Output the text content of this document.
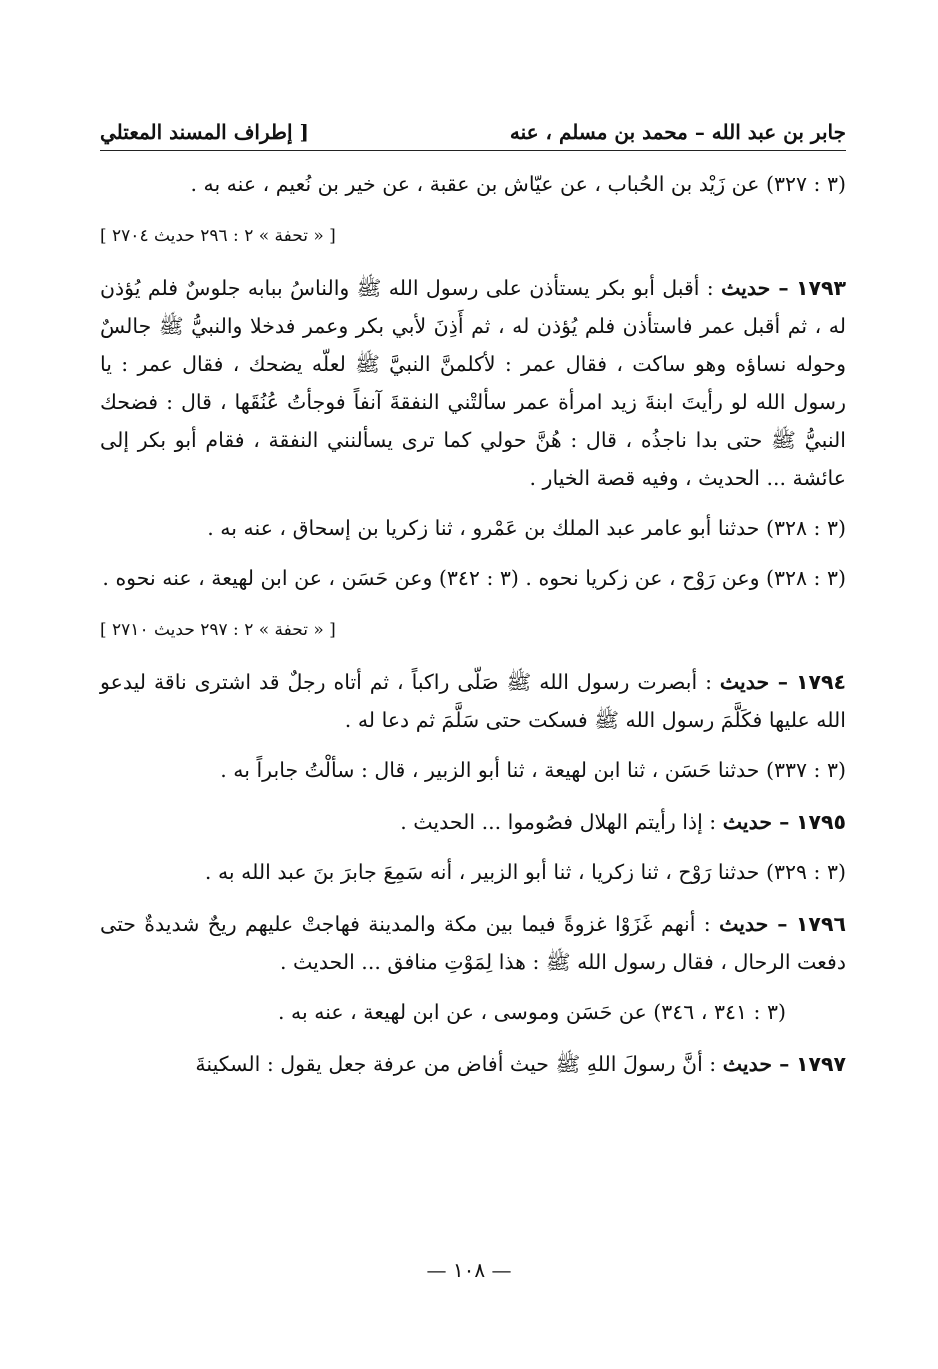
جابر بن عبد الله – محمد بن مسلم ، عنه
[ إطراف المسند المعتلي

(٣ : ٣٢٧) عن زَيْد بن الحُباب ، عن عيّاش بن عقبة ، عن خير بن نُعيم ، عنه به .

[ « تحفة » ٢ : ٢٩٦ حديث ٢٧٠٤ ]

١٧٩٣ – حديث : أقبل أبو بكر يستأذن على رسول الله ﷺ والناسُ ببابه جلوسٌ فلم يُؤذن له ، ثم أقبل عمر فاستأذن فلم يُؤذن له ، ثم أَذِنَ لأبي بكر وعمر فدخلا والنبيُّ ﷺ جالسٌ وحوله نساؤه وهو ساكت ، فقال عمر : لأكلمنَّ النبيَّ ﷺ لعلّه يضحك ، فقال عمر : يا رسول الله لو رأيتَ ابنةَ زيد امرأة عمر سألتْني النفقةَ آنفاً فوجأتُ عُنُقَها ، قال : فضحك النبيُّ ﷺ حتى بدا ناجذُه ، قال : هُنَّ حولي كما ترى يسألنني النفقة ، فقام أبو بكر إلى عائشة ... الحديث ، وفيه قصة الخيار .

(٣ : ٣٢٨) حدثنا أبو عامر عبد الملك بن عَمْرو ، ثنا زكريا بن إسحاق ، عنه به .

(٣ : ٣٢٨) وعن رَوْح ، عن زكريا نحوه . (٣ : ٣٤٢) وعن حَسَن ، عن ابن لهيعة ، عنه نحوه .

[ « تحفة » ٢ : ٢٩٧ حديث ٢٧١٠ ]

١٧٩٤ – حديث : أبصرت رسول الله ﷺ صَلّى راكباً ، ثم أتاه رجلٌ قد اشترى ناقة ليدعو الله عليها فكَلَّمَ رسول الله ﷺ فسكت حتى سَلَّمَ ثم دعا له .

(٣ : ٣٣٧) حدثنا حَسَن ، ثنا ابن لهيعة ، ثنا أبو الزبير ، قال : سألْتُ جابراً به .

١٧٩٥ – حديث : إذا رأيتم الهلال فصُوموا ... الحديث .

(٣ : ٣٢٩) حدثنا رَوْح ، ثنا زكريا ، ثنا أبو الزبير ، أنه سَمِعَ جابرَ بنَ عبد الله به .

١٧٩٦ – حديث : أنهم غَزَوْا غزوةً فيما بين مكة والمدينة فهاجتْ عليهم ريحٌ شديدةٌ حتى دفعت الرحال ، فقال رسول الله ﷺ : هذا لِمَوْتِ منافق ... الحديث .

(٣ : ٣٤١ ، ٣٤٦) عن حَسَن وموسى ، عن ابن لهيعة ، عنه به .

١٧٩٧ – حديث : أنَّ رسولَ اللهِ ﷺ حيث أفاض من عرفة جعل يقول : السكينةَ

— ١٠٨ —
